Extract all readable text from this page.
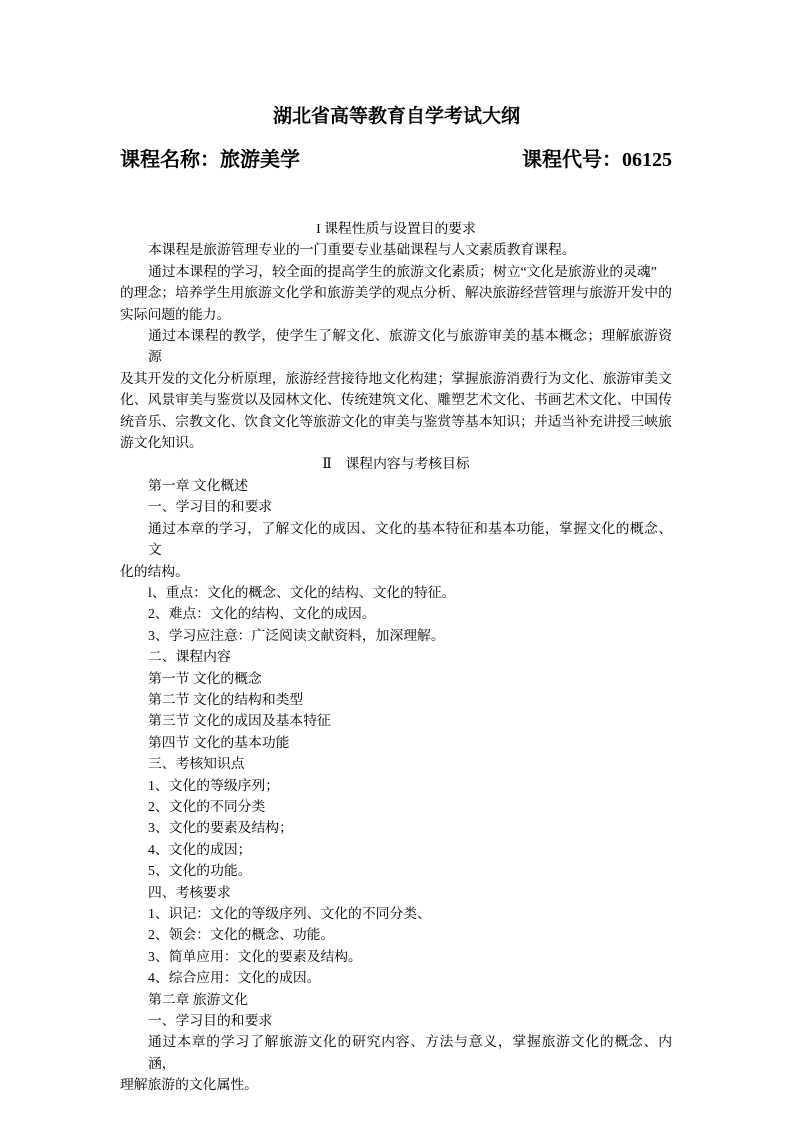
湖北省高等教育自学考试大纲
课程名称：旅游美学	课程代号：06125
I 课程性质与设置目的要求
本课程是旅游管理专业的一门重要专业基础课程与人文素质教育课程。
通过本课程的学习，较全面的提高学生的旅游文化素质；树立“文化是旅游业的灵魂”
的理念；培养学生用旅游文化学和旅游美学的观点分析、解决旅游经营管理与旅游开发中的
实际问题的能力。
通过本课程的教学，使学生了解文化、旅游文化与旅游审美的基本概念；理解旅游资源
及其开发的文化分析原理，旅游经营接待地文化构建；掌握旅游消费行为文化、旅游审美文
化、风景审美与鉴赏以及园林文化、传统建筑文化、雕塑艺术文化、书画艺术文化、中国传
统音乐、宗教文化、饮食文化等旅游文化的审美与鉴赏等基本知识；并适当补充讲授三峡旅
游文化知识。
Ⅱ　课程内容与考核目标
第一章 文化概述
一、学习目的和要求
通过本章的学习，了解文化的成因、文化的基本特征和基本功能，掌握文化的概念、文
化的结构。
l、重点：文化的概念、文化的结构、文化的特征。
2、难点：文化的结构、文化的成因。
3、学习应注意：广泛阅读文献资料，加深理解。
二、课程内容
第一节 文化的概念
第二节 文化的结构和类型
第三节 文化的成因及基本特征
第四节 文化的基本功能
三、考核知识点
1、文化的等级序列；
2、文化的不同分类
3、文化的要素及结构；
4、文化的成因；
5、文化的功能。
四、考核要求
1、识记：文化的等级序列、文化的不同分类、
2、领会：文化的概念、功能。
3、简单应用：文化的要素及结构。
4、综合应用：文化的成因。
第二章 旅游文化
一、学习目的和要求
通过本章的学习了解旅游文化的研究内容、方法与意义，掌握旅游文化的概念、内涵，
理解旅游的文化属性。
